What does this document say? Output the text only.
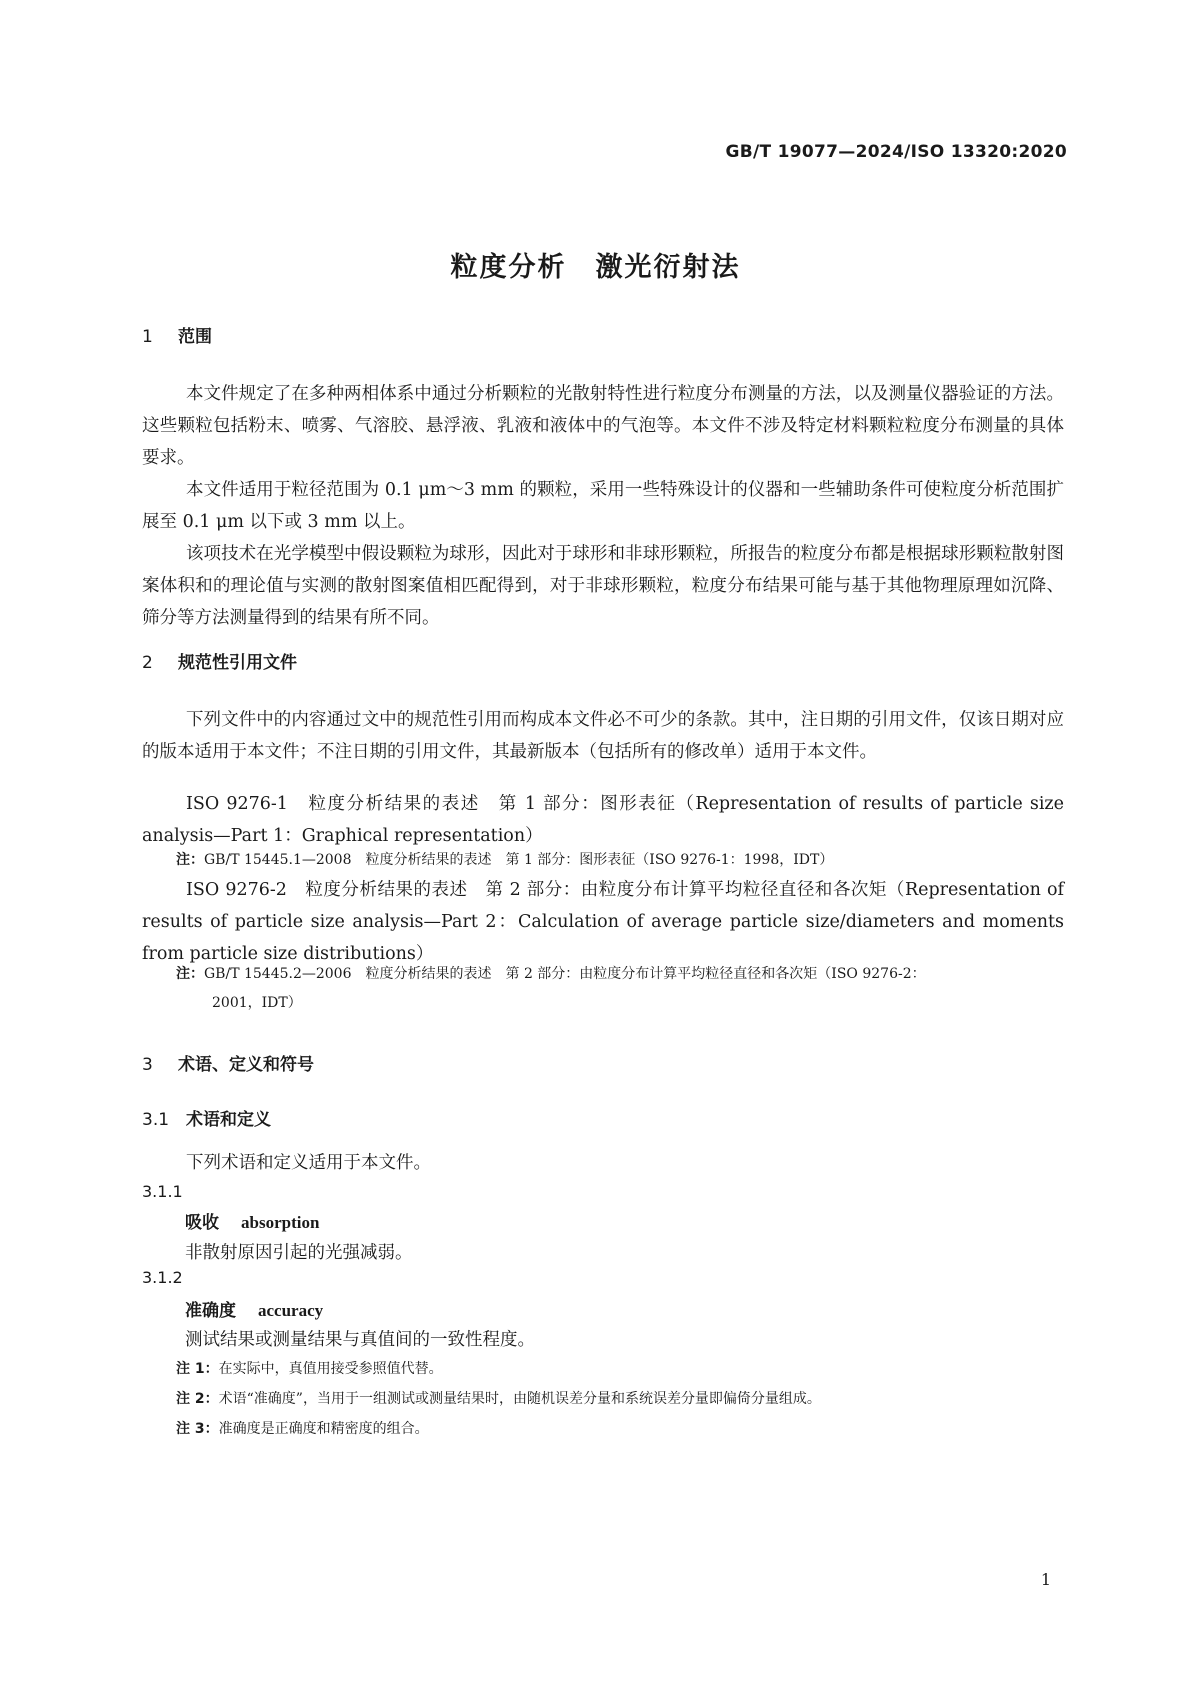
GB/T 19077—2024/ISO 13320:2020
粒度分析　激光衍射法
1 范围

本文件规定了在多种两相体系中通过分析颗粒的光散射特性进行粒度分布测量的方法，以及测量仪器验证的方法。这些颗粒包括粉末、喷雾、气溶胶、悬浮液、乳液和液体中的气泡等。本文件不涉及特定材料颗粒粒度分布测量的具体要求。

本文件适用于粒径范围为 0.1 μm～3 mm 的颗粒，采用一些特殊设计的仪器和一些辅助条件可使粒度分析范围扩展至 0.1 μm 以下或 3 mm 以上。

该项技术在光学模型中假设颗粒为球形，因此对于球形和非球形颗粒，所报告的粒度分布都是根据球形颗粒散射图案体积和的理论值与实测的散射图案值相匹配得到，对于非球形颗粒，粒度分布结果可能与基于其他物理原理如沉降、筛分等方法测量得到的结果有所不同。

2 规范性引用文件

下列文件中的内容通过文中的规范性引用而构成本文件必不可少的条款。其中，注日期的引用文件，仅该日期对应的版本适用于本文件；不注日期的引用文件，其最新版本（包括所有的修改单）适用于本文件。

ISO 9276-1　粒度分析结果的表述　第 1 部分：图形表征（Representation of results of particle size analysis—Part 1：Graphical representation）

注：GB/T 15445.1—2008　粒度分析结果的表述　第 1 部分：图形表征（ISO 9276-1：1998，IDT）

ISO 9276-2　粒度分析结果的表述　第 2 部分：由粒度分布计算平均粒径直径和各次矩（Representation of results of particle size analysis—Part 2：Calculation of average particle size/diameters and moments from particle size distributions）

注：GB/T 15445.2—2006　粒度分析结果的表述　第 2 部分：由粒度分布计算平均粒径直径和各次矩（ISO 9276-2：
2001，IDT）

3 术语、定义和符号
3.1 术语和定义

下列术语和定义适用于本文件。

3.1.1
吸收 absorption
非散射原因引起的光强减弱。
3.1.2
准确度 accuracy
测试结果或测量结果与真值间的一致性程度。

注 1：在实际中，真值用接受参照值代替。

注 2：术语“准确度”，当用于一组测试或测量结果时，由随机误差分量和系统误差分量即偏倚分量组成。

注 3：准确度是正确度和精密度的组合。

1
